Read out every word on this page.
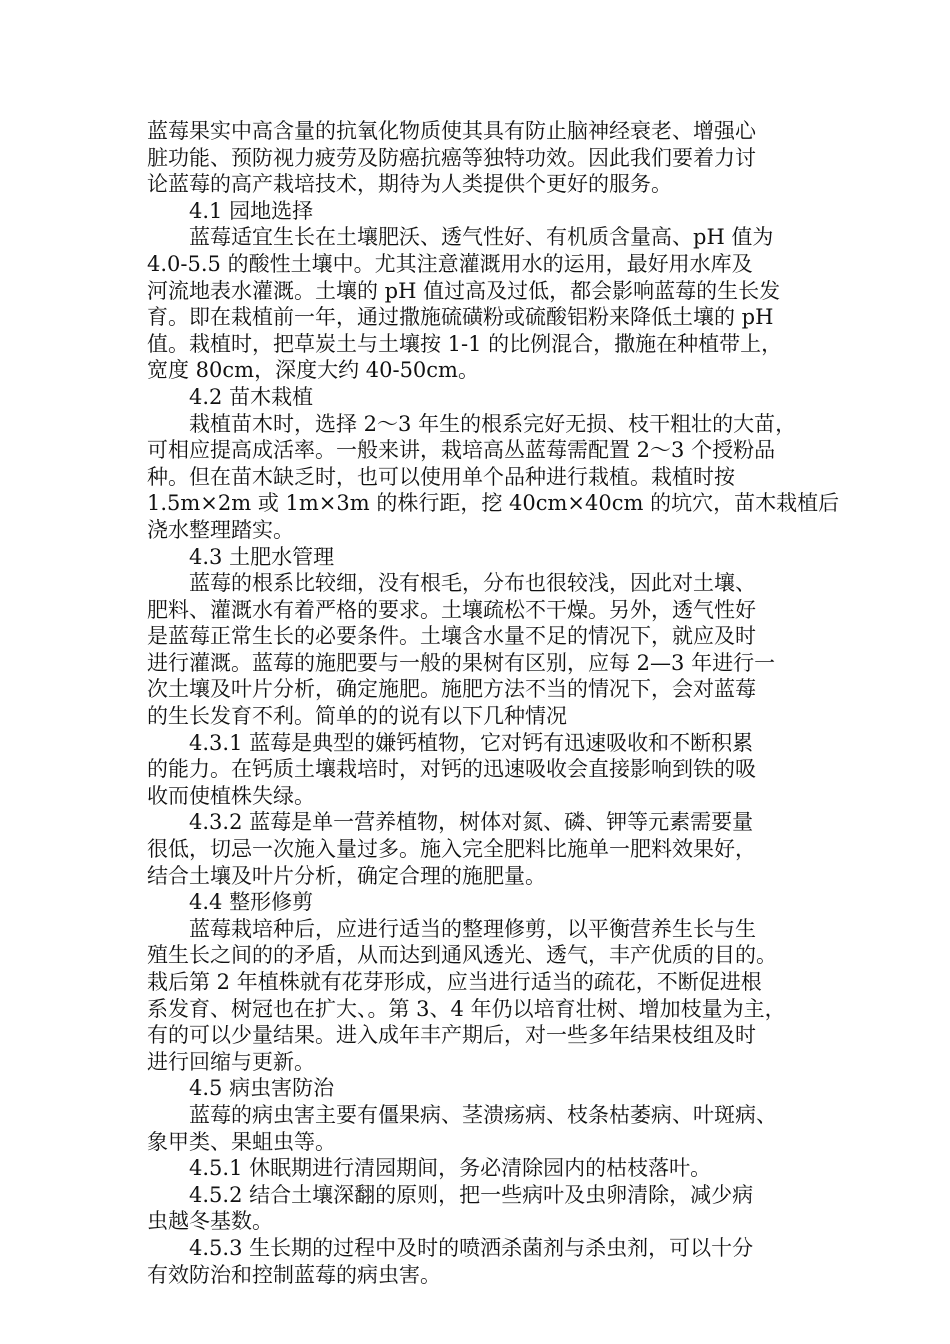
蓝莓果实中高含量的抗氧化物质使其具有防止脑神经衰老、增强心
脏功能、预防视力疲劳及防癌抗癌等独特功效。因此我们要着力讨
论蓝莓的高产栽培技术，期待为人类提供个更好的服务。
4.1 园地选择
蓝莓适宜生长在土壤肥沃、透气性好、有机质含量高、pH 值为
4.0-5.5 的酸性土壤中。尤其注意灌溉用水的运用，最好用水库及
河流地表水灌溉。土壤的 pH 值过高及过低，都会影响蓝莓的生长发
育。即在栽植前一年，通过撒施硫磺粉或硫酸铝粉来降低土壤的 pH
值。栽植时，把草炭土与土壤按 1-1 的比例混合，撒施在种植带上，
宽度 80cm，深度大约 40-50cm。
4.2 苗木栽植
栽植苗木时，选择 2～3 年生的根系完好无损、枝干粗壮的大苗，
可相应提高成活率。一般来讲，栽培高丛蓝莓需配置 2～3 个授粉品
种。但在苗木缺乏时，也可以使用单个品种进行栽植。栽植时按
1.5m×2m 或 1m×3m 的株行距，挖 40cm×40cm 的坑穴，苗木栽植后
浇水整理踏实。
4.3 土肥水管理
蓝莓的根系比较细，没有根毛，分布也很较浅，因此对土壤、
肥料、灌溉水有着严格的要求。土壤疏松不干燥。另外，透气性好
是蓝莓正常生长的必要条件。土壤含水量不足的情况下，就应及时
进行灌溉。蓝莓的施肥要与一般的果树有区别，应每 2—3 年进行一
次土壤及叶片分析，确定施肥。施肥方法不当的情况下，会对蓝莓
的生长发育不利。简单的的说有以下几种情况
4.3.1 蓝莓是典型的嫌钙植物，它对钙有迅速吸收和不断积累
的能力。在钙质土壤栽培时，对钙的迅速吸收会直接影响到铁的吸
收而使植株失绿。
4.3.2 蓝莓是单一营养植物，树体对氮、磷、钾等元素需要量
很低，切忌一次施入量过多。施入完全肥料比施单一肥料效果好，
结合土壤及叶片分析，确定合理的施肥量。
4.4 整形修剪
蓝莓栽培种后，应进行适当的整理修剪，以平衡营养生长与生
殖生长之间的的矛盾，从而达到通风透光、透气，丰产优质的目的。
栽后第 2 年植株就有花芽形成，应当进行适当的疏花，不断促进根
系发育、树冠也在扩大、。第 3、4 年仍以培育壮树、增加枝量为主，
有的可以少量结果。进入成年丰产期后，对一些多年结果枝组及时
进行回缩与更新。
4.5 病虫害防治
蓝莓的病虫害主要有僵果病、茎溃疡病、枝条枯萎病、叶斑病、
象甲类、果蛆虫等。
4.5.1 休眠期进行清园期间，务必清除园内的枯枝落叶。
4.5.2 结合土壤深翻的原则，把一些病叶及虫卵清除，减少病
虫越冬基数。
4.5.3 生长期的过程中及时的喷洒杀菌剂与杀虫剂，可以十分
有效防治和控制蓝莓的病虫害。
